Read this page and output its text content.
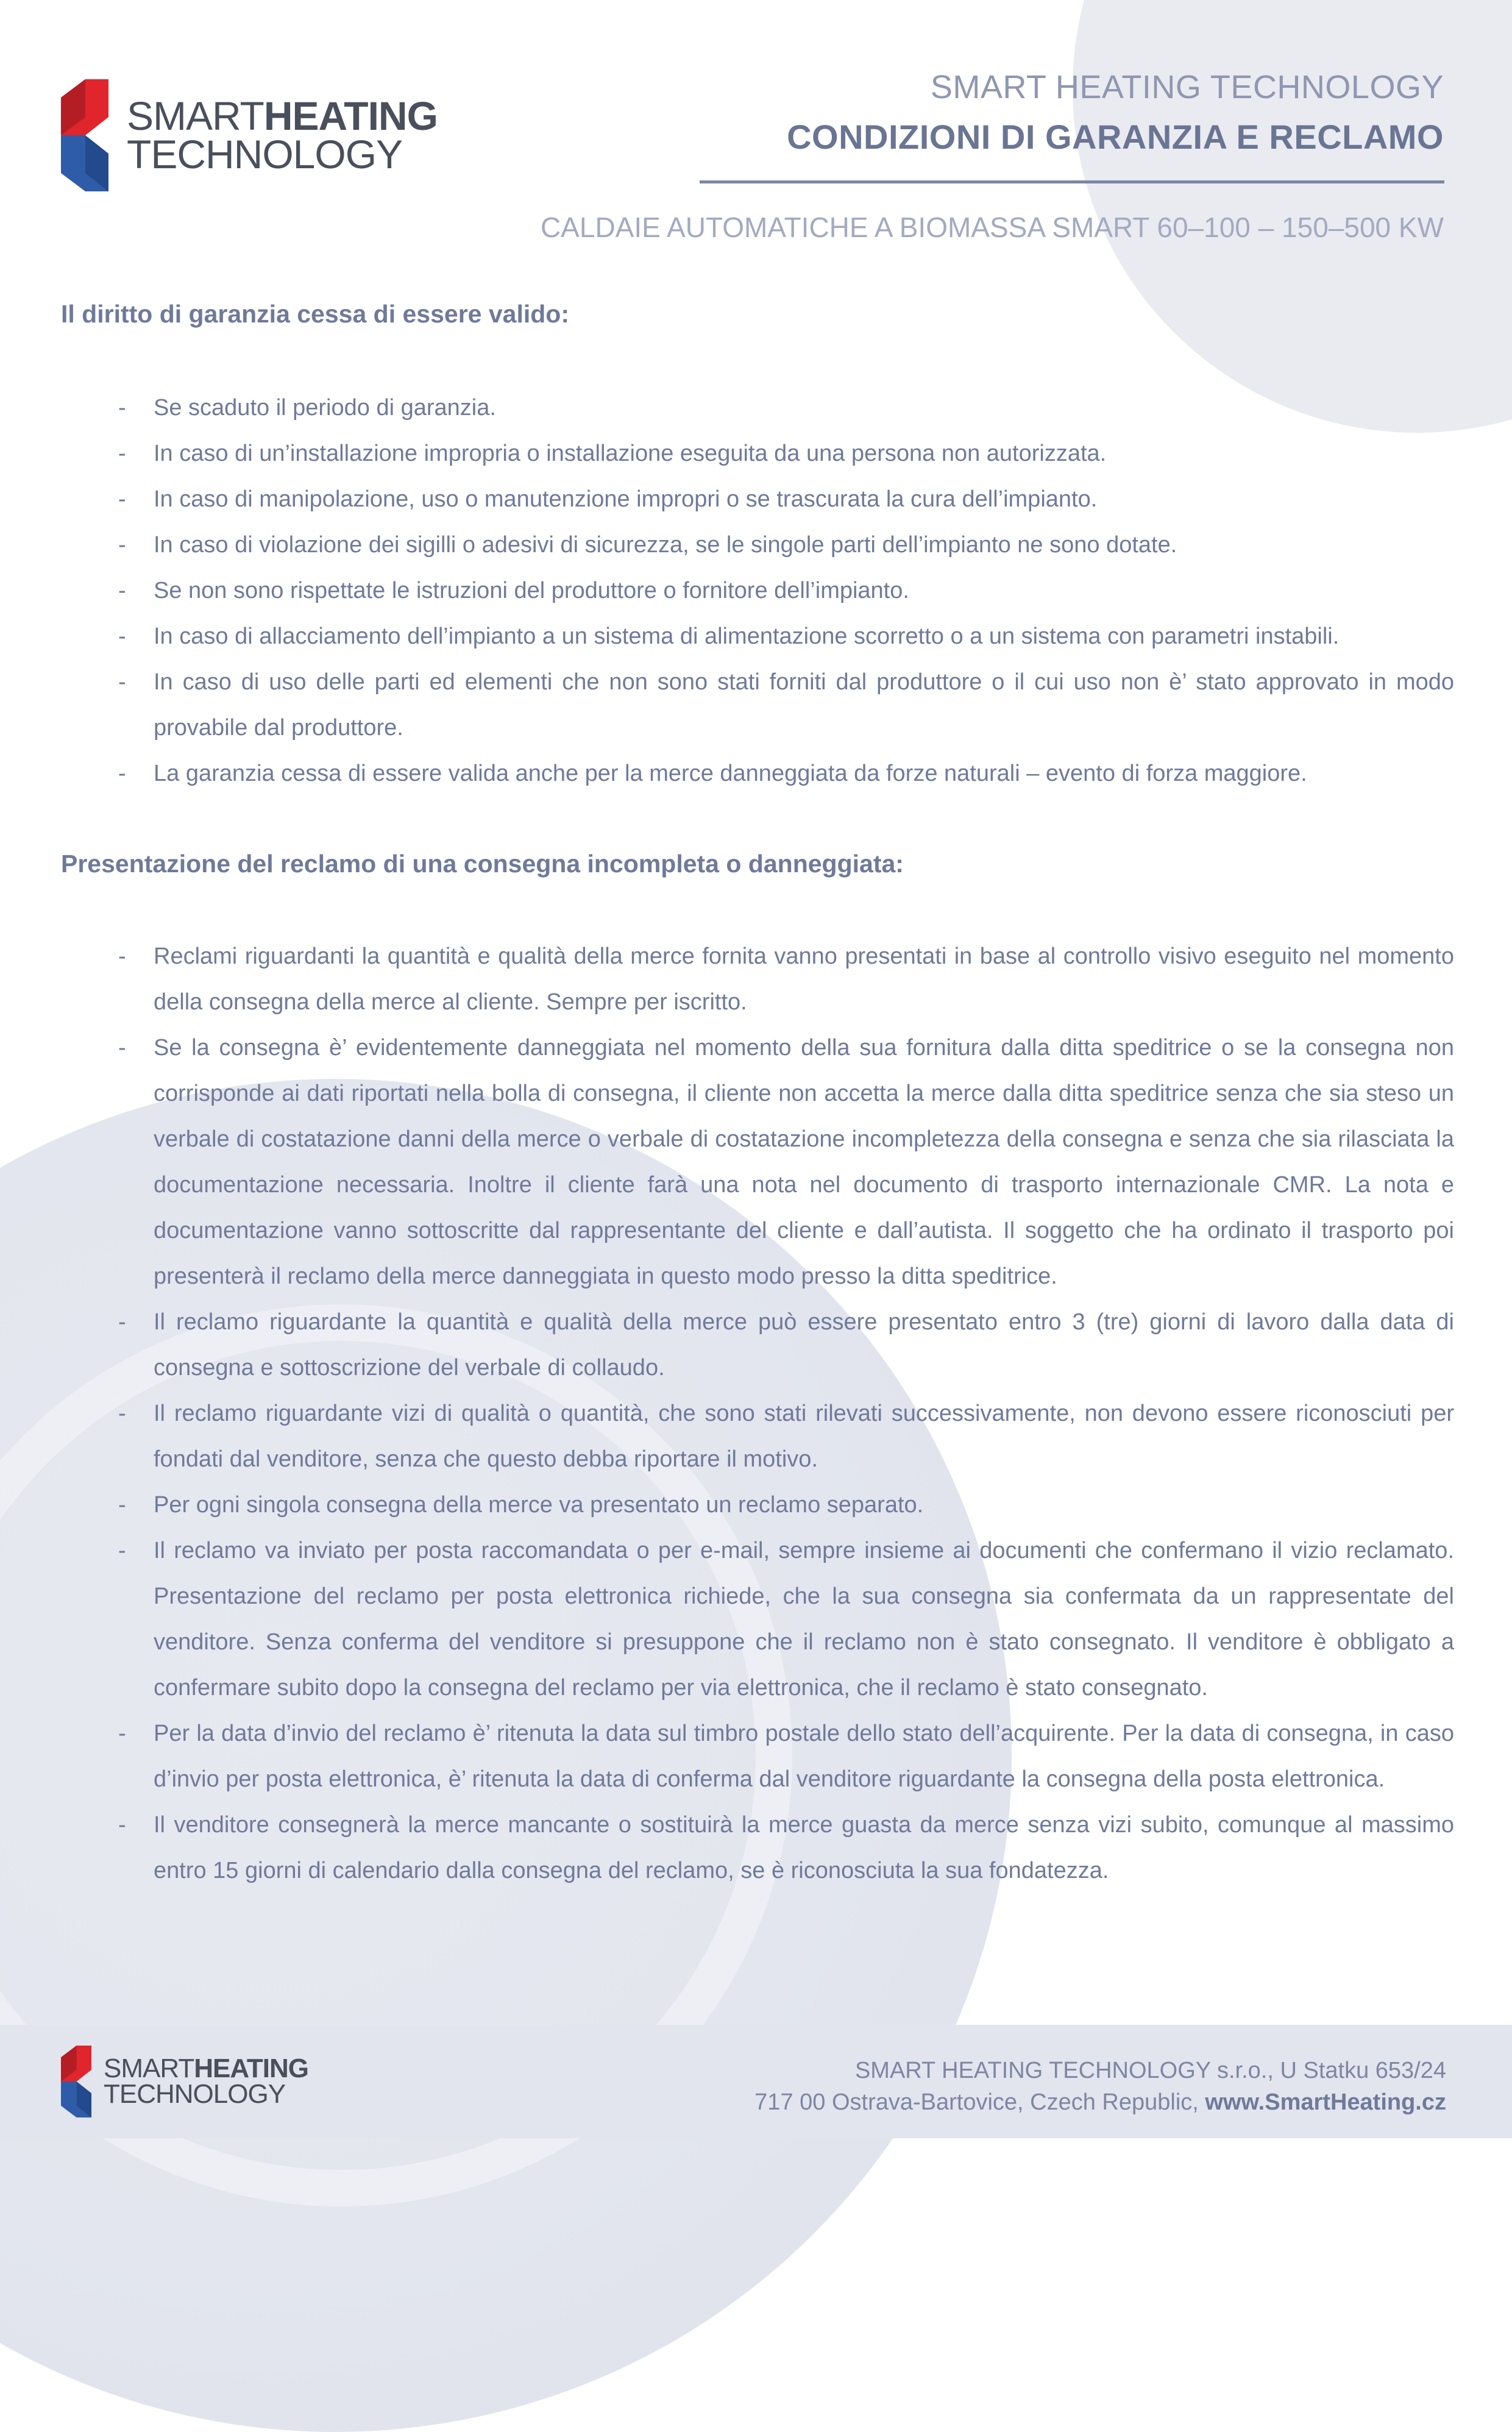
SMARTHEATING
TECHNOLOGY
SMART HEATING TECHNOLOGY
CONDIZIONI DI GARANZIA E RECLAMO
CALDAIE AUTOMATICHE A BIOMASSA SMART 60–100 – 150–500 KW
Il diritto di garanzia cessa di essere valido:
- Se scaduto il periodo di garanzia.
- In caso di un’installazione impropria o installazione eseguita da una persona non autorizzata.
- In caso di manipolazione, uso o manutenzione impropri o se trascurata la cura dell’impianto.
- In caso di violazione dei sigilli o adesivi di sicurezza, se le singole parti dell’impianto ne sono dotate.
- Se non sono rispettate le istruzioni del produttore o fornitore dell’impianto.
- In caso di allacciamento dell’impianto a un sistema di alimentazione scorretto o a un sistema con parametri instabili.
- In caso di uso delle parti ed elementi che non sono stati forniti dal produttore o il cui uso non è’ stato approvato in modo provabile dal produttore.
- La garanzia cessa di essere valida anche per la merce danneggiata da forze naturali – evento di forza maggiore.
Presentazione del reclamo di una consegna incompleta o danneggiata:
- Reclami riguardanti la quantità e qualità della merce fornita vanno presentati in base al controllo visivo eseguito nel momento della consegna della merce al cliente. Sempre per iscritto.
- Se la consegna è’ evidentemente danneggiata nel momento della sua fornitura dalla ditta speditrice o se la consegna non corrisponde ai dati riportati nella bolla di consegna, il cliente non accetta la merce dalla ditta speditrice senza che sia steso un verbale di costatazione danni della merce o verbale di costatazione incompletezza della consegna e senza che sia rilasciata la documentazione necessaria. Inoltre il cliente farà una nota nel documento di trasporto internazionale CMR. La nota e documentazione vanno sottoscritte dal rappresentante del cliente e dall’autista. Il soggetto che ha ordinato il trasporto poi presenterà il reclamo della merce danneggiata in questo modo presso la ditta speditrice.
- Il reclamo riguardante la quantità e qualità della merce può essere presentato entro 3 (tre) giorni di lavoro dalla data di consegna e sottoscrizione del verbale di collaudo.
- Il reclamo riguardante vizi di qualità o quantità, che sono stati rilevati successivamente, non devono essere riconosciuti per fondati dal venditore, senza che questo debba riportare il motivo.
- Per ogni singola consegna della merce va presentato un reclamo separato.
- Il reclamo va inviato per posta raccomandata o per e-mail, sempre insieme ai documenti che confermano il vizio reclamato. Presentazione del reclamo per posta elettronica richiede, che la sua consegna sia confermata da un rappresentate del venditore. Senza conferma del venditore si presuppone che il reclamo non è stato consegnato. Il venditore è obbligato a confermare subito dopo la consegna del reclamo per via elettronica, che il reclamo è stato consegnato.
- Per la data d’invio del reclamo è’ ritenuta la data sul timbro postale dello stato dell’acquirente. Per la data di consegna, in caso d’invio per posta elettronica, è’ ritenuta la data di conferma dal venditore riguardante la consegna della posta elettronica.
- Il venditore consegnerà la merce mancante o sostituirà la merce guasta da merce senza vizi subito, comunque al massimo entro 15 giorni di calendario dalla consegna del reclamo, se è riconosciuta la sua fondatezza.
SMARTHEATING
TECHNOLOGY
SMART HEATING TECHNOLOGY s.r.o., U Statku 653/24
717 00 Ostrava-Bartovice, Czech Republic, www.SmartHeating.cz
